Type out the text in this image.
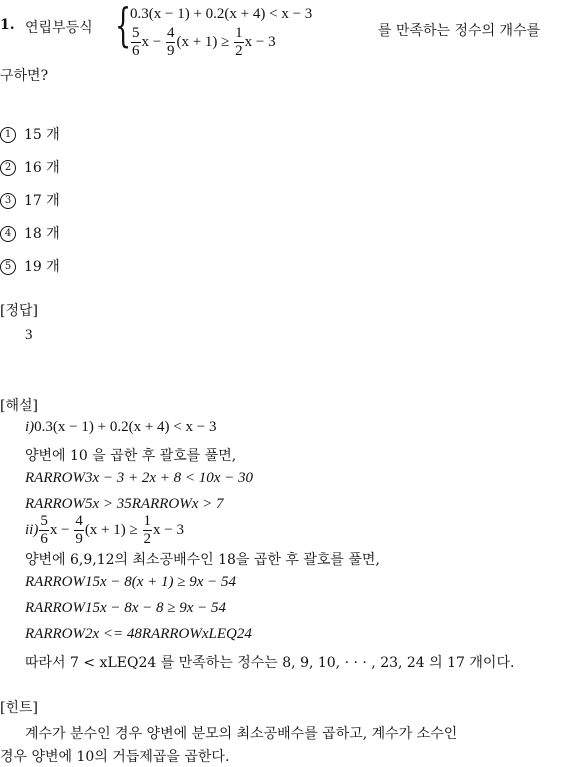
1. 연립부등식 {
0.3(x − 1) + 0.2(x + 4) < x − 3
$\frac{5}{6}$ $x - \frac{4}{9} (x + 1) \ge \frac{1}{2}$ x − 3
를 만족하는 정수의 개수를
구하면?
1 15 개
2 16 개
3 17 개
4 18 개
5 19 개
[정답]
3
[해설]
i)0.3(x − 1) + 0.2(x + 4) < x − 3
양변에 10 을 곱한 후 괄호를 풀면,
RARROW3x − 3 + 2x + 8 < 10x − 30
RARROW5x > 35RARROWx > 7
$ii) \frac{5}{6}$ $x - \frac{4}{9} (x + 1) \ge \frac{1}{2}$ x − 3
양변에 6,9,12의 최소공배수인 18을 곱한 후 괄호를 풀면,
RARROW15x − 8(x + 1) ≥ 9x − 54
RARROW15x − 8x − 8 ≥ 9x − 54
RARROW2x <= 48RARROWxLEQ24
따라서 7 < xLEQ24 를 만족하는 정수는 8, 9, 10, · · · , 23, 24 의 17 개이다.
[힌트]
계수가 분수인 경우 양변에 분모의 최소공배수를 곱하고, 계수가 소수인
경우 양변에 10의 거듭제곱을 곱한다.
